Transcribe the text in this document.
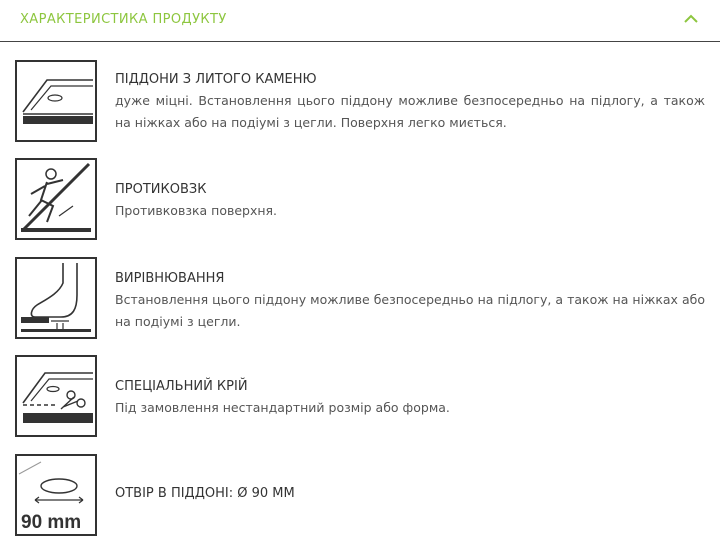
ХАРАКТЕРИСТИКА ПРОДУКТУ

ПІДДОНИ З ЛИТОГО КАМЕНЮ

дуже міцні. Встановлення цього піддону можливе безпосередньо на підлогу, а також на ніжках або на подіумі з цегли. Поверхня легко миється.

ПРОТИКОВЗК

Противковзка поверхня.

ВИРІВНЮВАННЯ

Встановлення цього піддону можливе безпосередньо на підлогу, а також на ніжках або на подіумі з цегли.

СПЕЦІАЛЬНИЙ КРІЙ

Під замовлення нестандартний розмір або форма.

90 mm

ОТВІР В ПІДДОНІ: Ø 90 ММ
